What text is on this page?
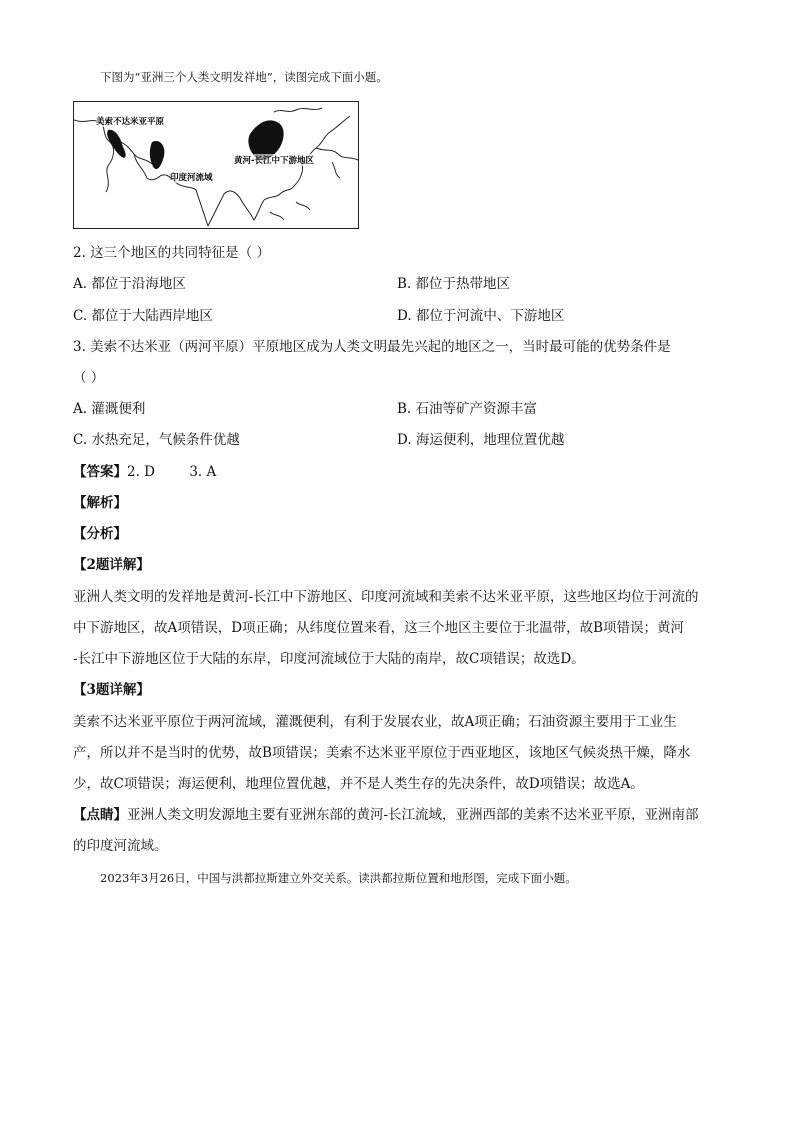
下图为“亚洲三个人类文明发祥地”，读图完成下面小题。
美索不达米亚平原
黄河-长江中下游地区
印度河流域
2. 这三个地区的共同特征是（ ）
A. 都位于沿海地区	B. 都位于热带地区
C. 都位于大陆西岸地区	D. 都位于河流中、下游地区
3. 美索不达米亚（两河平原）平原地区成为人类文明最先兴起的地区之一，当时最可能的优势条件是
（ ）
A. 灌溉便利	B. 石油等矿产资源丰富
C. 水热充足，气候条件优越	D. 海运便利，地理位置优越
【答案】2. D        3. A
【解析】
【分析】
【2题详解】
亚洲人类文明的发祥地是黄河-长江中下游地区、印度河流域和美索不达米亚平原，这些地区均位于河流的
中下游地区，故A项错误，D项正确；从纬度位置来看，这三个地区主要位于北温带，故B项错误；黄河
-长江中下游地区位于大陆的东岸，印度河流域位于大陆的南岸，故C项错误；故选D。
【3题详解】
美索不达米亚平原位于两河流域，灌溉便利，有利于发展农业，故A项正确；石油资源主要用于工业生
产，所以并不是当时的优势，故B项错误；美索不达米亚平原位于西亚地区，该地区气候炎热干燥，降水
少，故C项错误；海运便利，地理位置优越，并不是人类生存的先决条件，故D项错误；故选A。
【点睛】亚洲人类文明发源地主要有亚洲东部的黄河-长江流域，亚洲西部的美索不达米亚平原，亚洲南部
的印度河流域。
2023年3月26日，中国与洪都拉斯建立外交关系。读洪都拉斯位置和地形图，完成下面小题。
